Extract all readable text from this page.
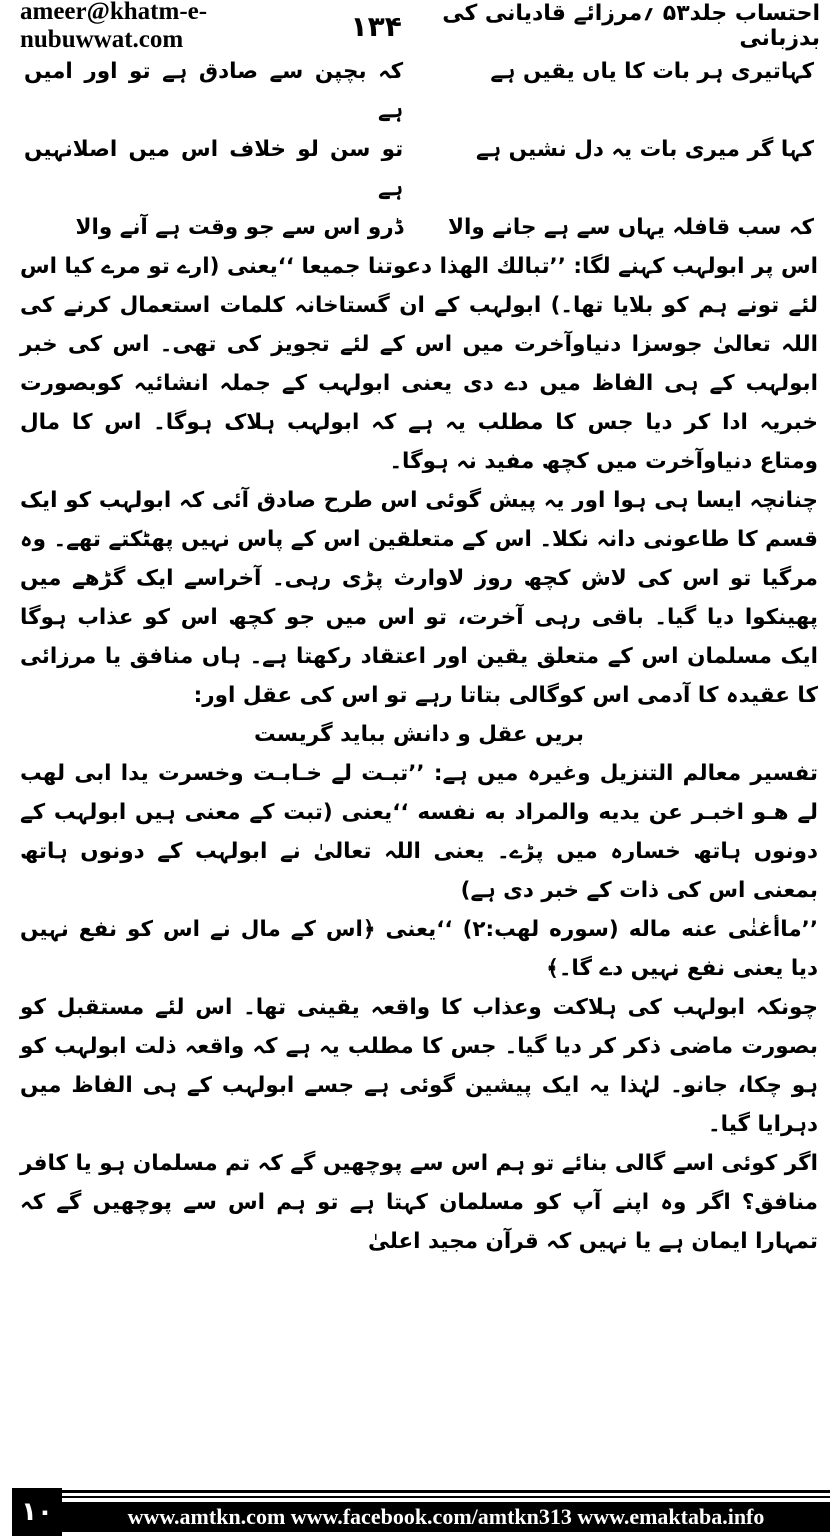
ameer@khatm-e-nubuwwat.com	۱۳۴	احتساب جلد۵۳ ؍مرزائے قادیانی کی بدزبانی
کہاتیری ہر بات کا یاں یقیں ہے
کہ بچپن سے صادق ہے تو اور امیں ہے
کہا گر میری بات یہ دل نشیں ہے
تو سن لو خلاف اس میں اصلانہیں ہے
کہ سب قافلہ یہاں سے ہے جانے والا
ڈرو اس سے جو وقت ہے آنے والا

اس پر ابولہب کہنے لگا: ’’تبالك الهذا دعوتنا جميعا ‘‘یعنی (ارے تو مرے کیا اس لئے تونے ہم کو بلایا تھا۔) ابولہب کے ان گستاخانہ کلمات استعمال کرنے کی اللہ تعالیٰ جوسزا دنیاوآخرت میں اس کے لئے تجویز کی تھی۔ اس کی خبر ابولہب کے ہی الفاظ میں دے دی یعنی ابولہب کے جملہ انشائیہ کوبصورت خبریہ ادا کر دیا جس کا مطلب یہ ہے کہ ابولہب ہلاک ہوگا۔ اس کا مال ومتاع دنیاوآخرت میں کچھ مفید نہ ہوگا۔

چنانچہ ایسا ہی ہوا اور یہ پیش گوئی اس طرح صادق آئی کہ ابولہب کو ایک قسم کا طاعونی دانہ نکلا۔ اس کے متعلقین اس کے پاس نہیں پھٹکتے تھے۔ وہ مرگیا تو اس کی لاش کچھ روز لاوارث پڑی رہی۔ آخراسے ایک گڑھے میں پھینکوا دیا گیا۔ باقی رہی آخرت، تو اس میں جو کچھ اس کو عذاب ہوگا ایک مسلمان اس کے متعلق یقین اور اعتقاد رکھتا ہے۔ ہاں منافق یا مرزائی کا عقیدہ کا آدمی اس کوگالی بتاتا رہے تو اس کی عقل اور:

بریں عقل و دانش بباید گریست

تفسیر معالم التنزیل وغیرہ میں ہے: ’’تبـت لے خـابـت وخسرت یدا ابی لهب لے هـو اخبـر عن يديه والمراد به نفسه ‘‘یعنی (تبت کے معنی ہیں ابولہب کے دونوں ہاتھ خسارہ میں پڑے۔ یعنی اللہ تعالیٰ نے ابولہب کے دونوں ہاتھ بمعنی اس کی ذات کے خبر دی ہے)

’’ماأغنٰی عنه ماله (سوره لهب:۲) ‘‘یعنی ﴿اس کے مال نے اس کو نفع نہیں دیا یعنی نفع نہیں دے گا۔﴾

چونکہ ابولہب کی ہلاکت وعذاب کا واقعہ یقینی تھا۔ اس لئے مستقبل کو بصورت ماضی ذکر کر دیا گیا۔ جس کا مطلب یہ ہے کہ واقعہ ذلت ابولہب کو ہو چکا، جانو۔ لہٰذا یہ ایک پیشین گوئی ہے جسے ابولہب کے ہی الفاظ میں دہرایا گیا۔

اگر کوئی اسے گالی بنائے تو ہم اس سے پوچھیں گے کہ تم مسلمان ہو یا کافر منافق؟ اگر وہ اپنے آپ کو مسلمان کہتا ہے تو ہم اس سے پوچھیں گے کہ تمہارا ایمان ہے یا نہیں کہ قرآن مجید اعلیٰ

۱۰	www.amtkn.com www.facebook.com/amtkn313 www.emaktaba.info
